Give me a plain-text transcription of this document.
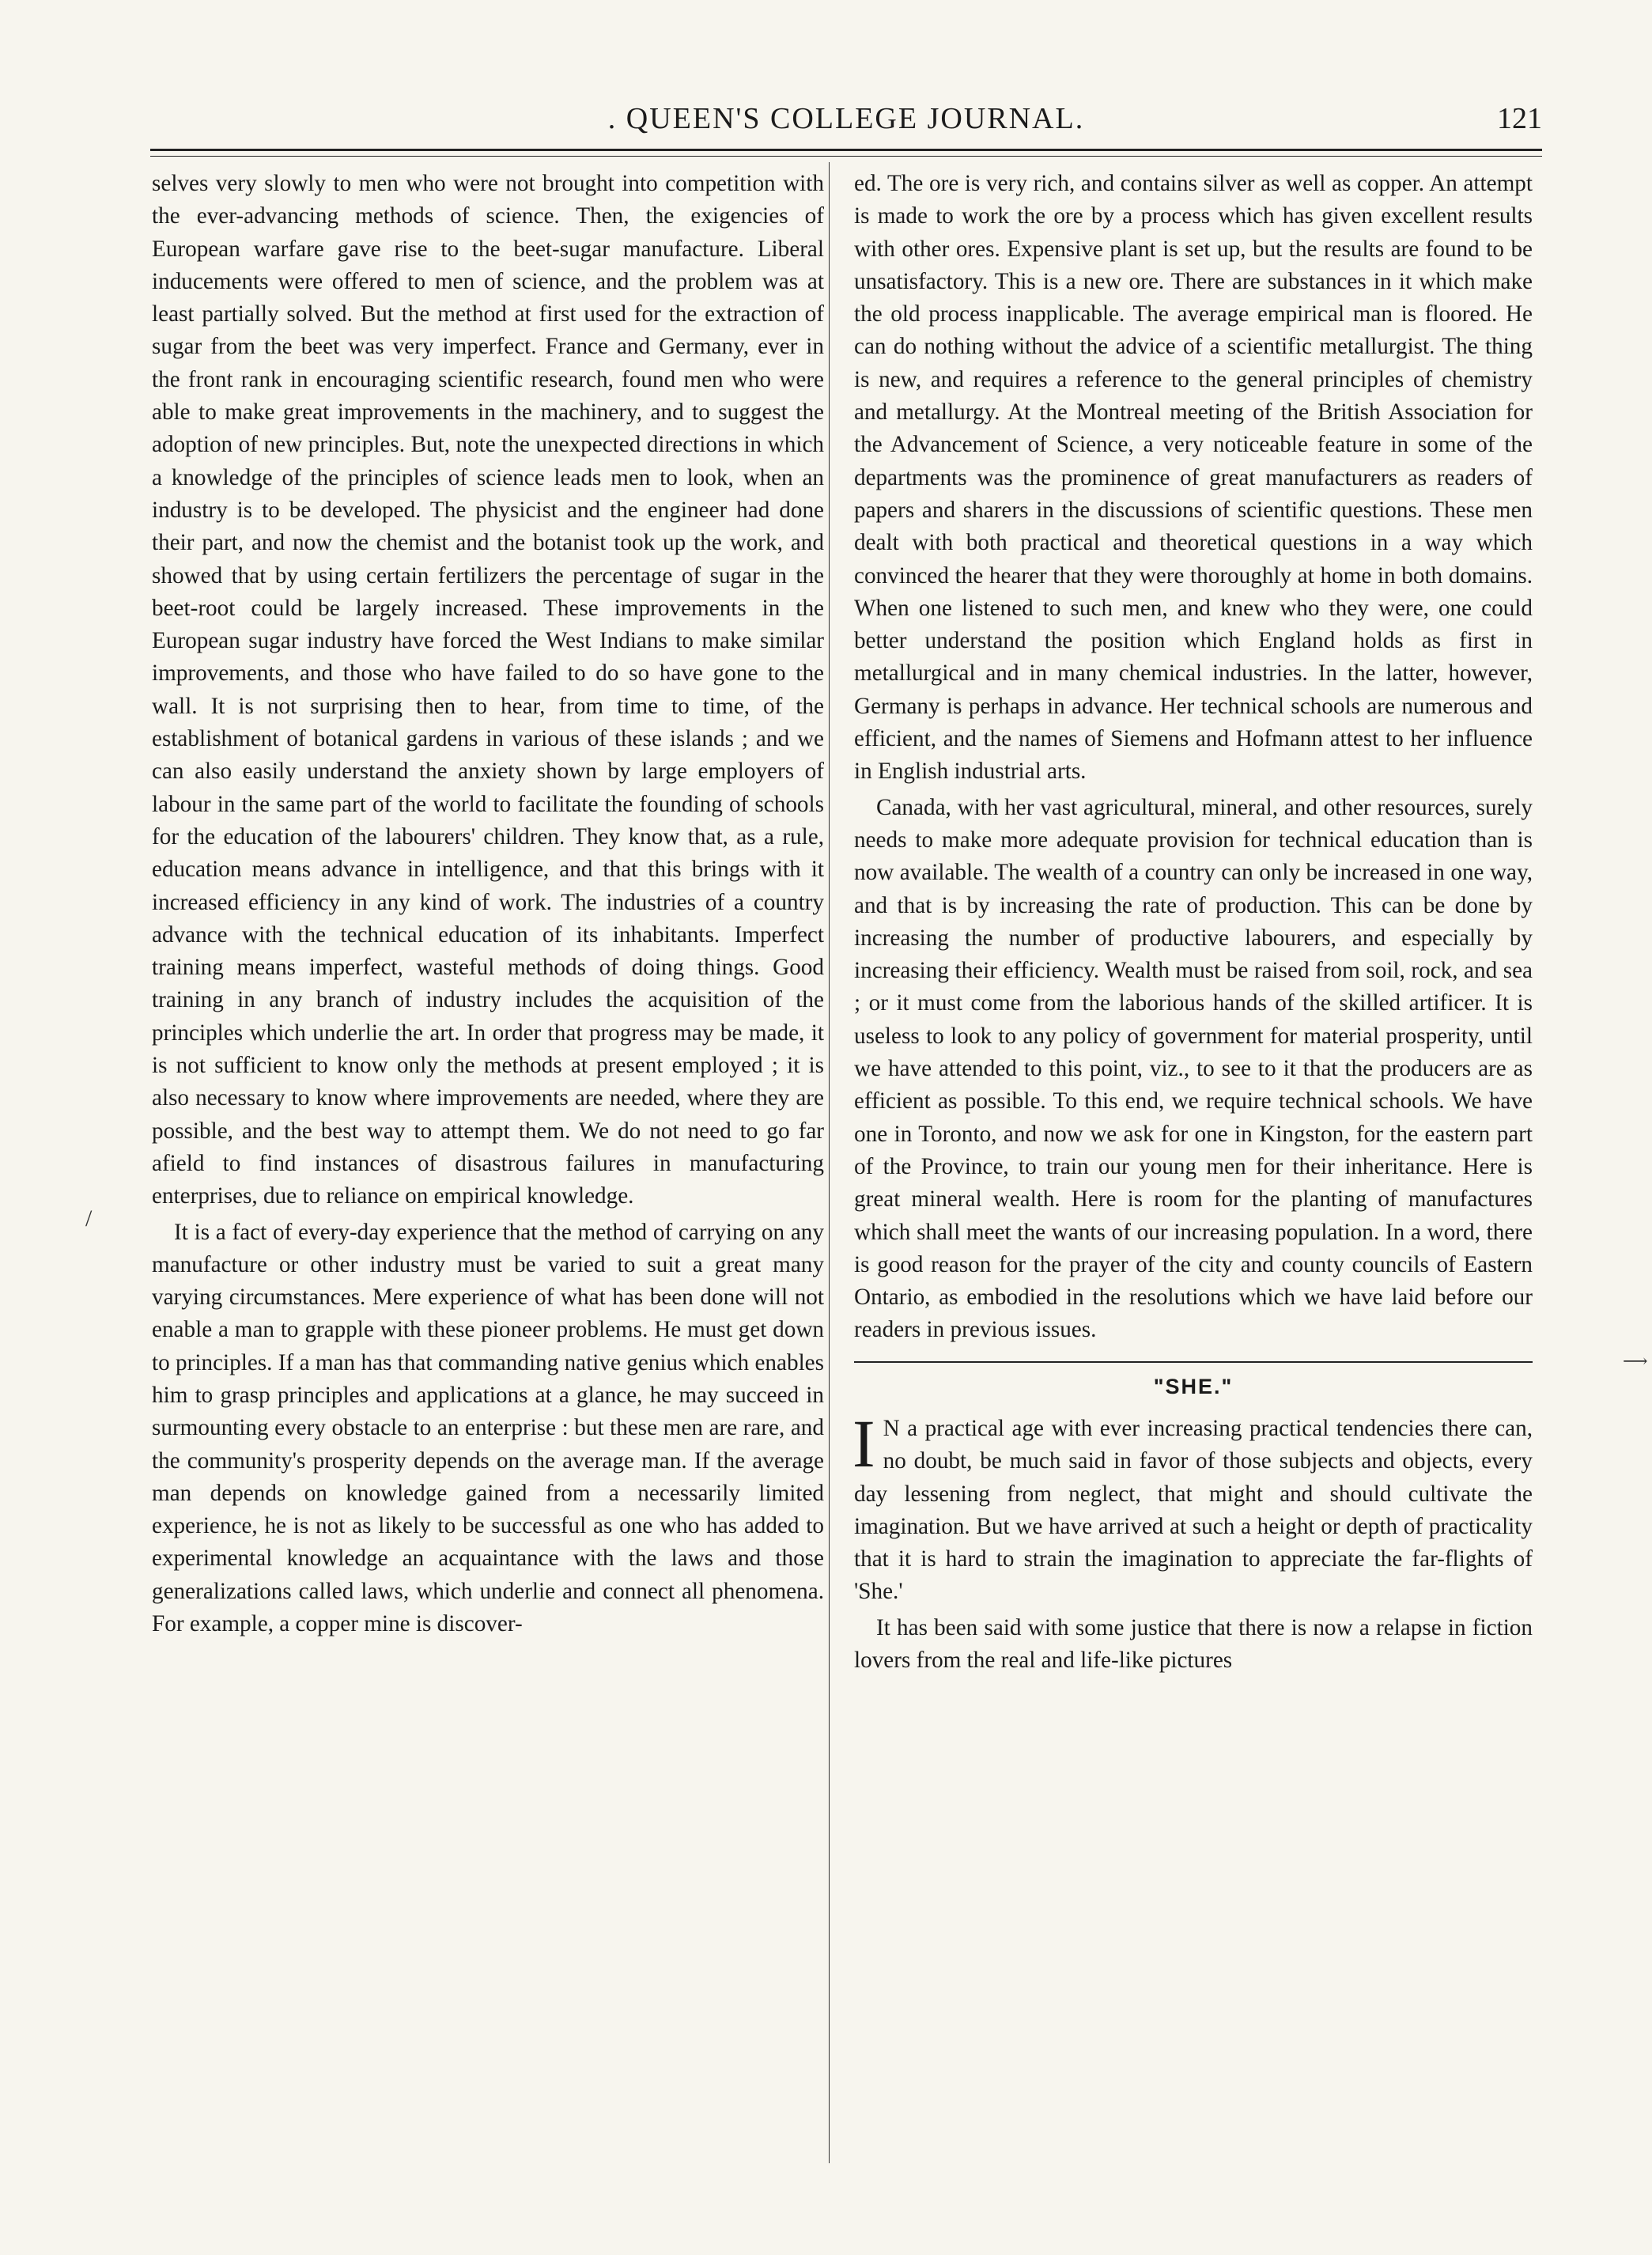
. QUEEN'S COLLEGE JOURNAL.	121

selves very slowly to men who were not brought into competition with the ever-advancing methods of science. Then, the exigencies of European warfare gave rise to the beet-sugar manufacture. Liberal inducements were offered to men of science, and the problem was at least partially solved. But the method at first used for the extraction of sugar from the beet was very imperfect. France and Germany, ever in the front rank in encouraging scientific research, found men who were able to make great improvements in the machinery, and to suggest the adoption of new principles. But, note the unexpected directions in which a knowledge of the principles of science leads men to look, when an industry is to be developed. The physicist and the engineer had done their part, and now the chemist and the botanist took up the work, and showed that by using certain fertilizers the percentage of sugar in the beet-root could be largely increased. These improvements in the European sugar industry have forced the West Indians to make similar improvements, and those who have failed to do so have gone to the wall. It is not surprising then to hear, from time to time, of the establishment of botanical gardens in various of these islands ; and we can also easily understand the anxiety shown by large employers of labour in the same part of the world to facilitate the founding of schools for the education of the labourers' children. They know that, as a rule, education means advance in intelligence, and that this brings with it increased efficiency in any kind of work. The industries of a country advance with the technical education of its inhabitants. Imperfect training means imperfect, wasteful methods of doing things. Good training in any branch of industry includes the acquisition of the principles which underlie the art. In order that progress may be made, it is not sufficient to know only the methods at present employed ; it is also necessary to know where improvements are needed, where they are possible, and the best way to attempt them. We do not need to go far afield to find instances of disastrous failures in manufacturing enterprises, due to reliance on empirical knowledge.

It is a fact of every-day experience that the method of carrying on any manufacture or other industry must be varied to suit a great many varying circumstances. Mere experience of what has been done will not enable a man to grapple with these pioneer problems. He must get down to principles. If a man has that commanding native genius which enables him to grasp principles and applications at a glance, he may succeed in surmounting every obstacle to an enterprise : but these men are rare, and the community's prosperity depends on the average man. If the average man depends on knowledge gained from a necessarily limited experience, he is not as likely to be successful as one who has added to experimental knowledge an acquaintance with the laws and those generalizations called laws, which underlie and connect all phenomena. For example, a copper mine is discover-

ed. The ore is very rich, and contains silver as well as copper. An attempt is made to work the ore by a process which has given excellent results with other ores. Expensive plant is set up, but the results are found to be unsatisfactory. This is a new ore. There are substances in it which make the old process inapplicable. The average empirical man is floored. He can do nothing without the advice of a scientific metallurgist. The thing is new, and requires a reference to the general principles of chemistry and metallurgy. At the Montreal meeting of the British Association for the Advancement of Science, a very noticeable feature in some of the departments was the prominence of great manufacturers as readers of papers and sharers in the discussions of scientific questions. These men dealt with both practical and theoretical questions in a way which convinced the hearer that they were thoroughly at home in both domains. When one listened to such men, and knew who they were, one could better understand the position which England holds as first in metallurgical and in many chemical industries. In the latter, however, Germany is perhaps in advance. Her technical schools are numerous and efficient, and the names of Siemens and Hofmann attest to her influence in English industrial arts.

Canada, with her vast agricultural, mineral, and other resources, surely needs to make more adequate provision for technical education than is now available. The wealth of a country can only be increased in one way, and that is by increasing the rate of production. This can be done by increasing the number of productive labourers, and especially by increasing their efficiency. Wealth must be raised from soil, rock, and sea ; or it must come from the laborious hands of the skilled artificer. It is useless to look to any policy of government for material prosperity, until we have attended to this point, viz., to see to it that the producers are as efficient as possible. To this end, we require technical schools. We have one in Toronto, and now we ask for one in Kingston, for the eastern part of the Province, to train our young men for their inheritance. Here is great mineral wealth. Here is room for the planting of manufactures which shall meet the wants of our increasing population. In a word, there is good reason for the prayer of the city and county councils of Eastern Ontario, as embodied in the resolutions which we have laid before our readers in previous issues.

"SHE."

I N a practical age with ever increasing practical tendencies there can, no doubt, be much said in favor of those subjects and objects, every day lessening from neglect, that might and should cultivate the imagination. But we have arrived at such a height or depth of practicality that it is hard to strain the imagination to appreciate the far-flights of 'She.'

It has been said with some justice that there is now a relapse in fiction lovers from the real and life-like pictures

/
⟶
